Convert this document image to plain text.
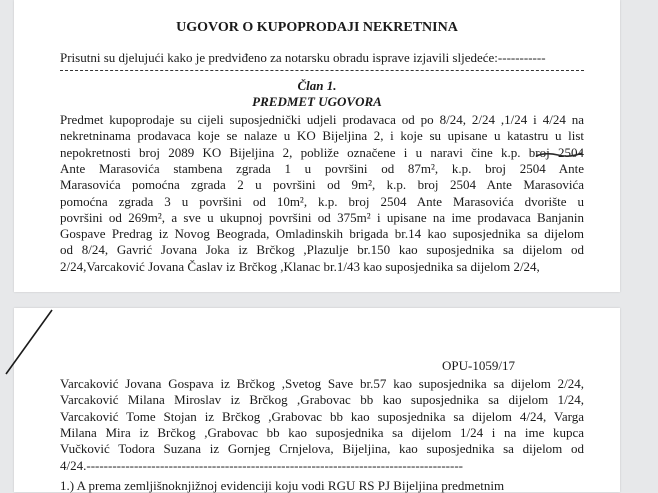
UGOVOR O KUPOPRODAJI NEKRETNINA
Prisutni su djelujući kako je predviđeno za notarsku obradu isprave izjavili sljedeće:-----------
Član 1.
PREDMET UGOVORA
Predmet kupoprodaje su cijeli suposjednički udjeli prodavaca od po 8/24, 2/24 ,1/24 i 4/24 na
nekretninama prodavaca koje se nalaze u KO Bijeljina 2, i koje su upisane u katastru u list
nepokretnosti broj 2089 KO Bijeljina 2, pobliže označene i u naravi čine k.p. broj 2504
Ante Marasovića stambena zgrada 1 u površini od 87m², k.p. broj 2504 Ante
Marasovića pomoćna zgrada 2 u površini od 9m², k.p. broj 2504 Ante Marasovića
pomoćna zgrada 3 u površini od 10m², k.p. broj 2504 Ante Marasovića dvorište u
površini od 269m², a sve u ukupnoj površini od 375m² i upisane na ime prodavaca Banjanin
Gospave Predrag iz Novog Beograda, Omladinskih brigada br.14 kao suposjednika sa dijelom
od 8/24, Gavrić Jovana Joka iz Brčkog ,Plazulje br.150 kao suposjednika sa dijelom od
2/24,Varcaković Jovana Časlav iz Brčkog ,Klanac br.1/43 kao suposjednika sa dijelom 2/24,
OPU-1059/17
Varcaković Jovana Gospava iz Brčkog ,Svetog Save br.57 kao suposjednika sa dijelom 2/24,
Varcaković Milana Miroslav iz Brčkog ,Grabovac bb kao suposjednika sa dijelom 1/24,
Varcaković Tome Stojan iz Brčkog ,Grabovac bb kao suposjednika sa dijelom 4/24, Varga
Milana Mira iz Brčkog ,Grabovac bb kao suposjednika sa dijelom 1/24 i na ime kupca
Vučković Todora Suzana iz Gornjeg Crnjelova, Bijeljina, kao suposjednika sa dijelom od
4/24.---------------------------------------------------------------------------------------
1.) A prema zemljišnoknjižnoj evidenciji koju vodi RGU RS PJ Bijeljina predmetnim
